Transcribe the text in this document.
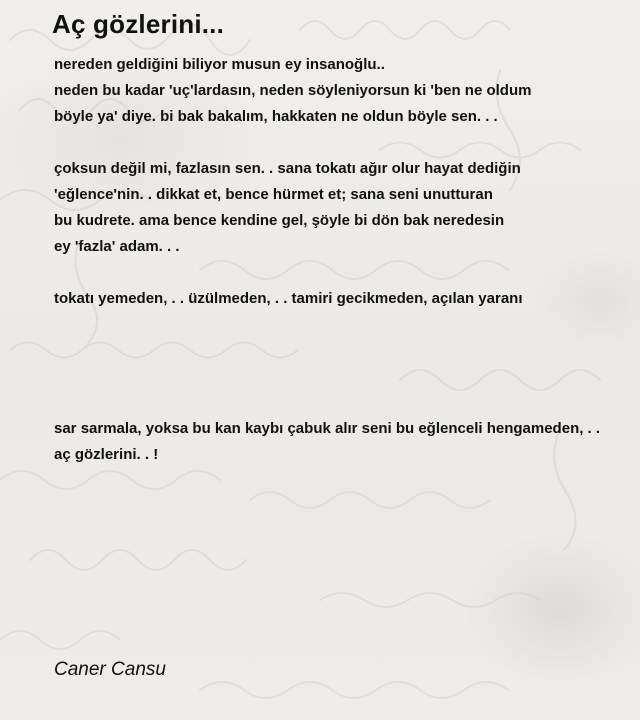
Aç gözlerini...
nereden geldiğini biliyor musun ey insanoğlu..
neden bu kadar 'uç'lardasın, neden söyleniyorsun ki 'ben ne oldum
böyle ya' diye. bi bak bakalım, hakkaten ne oldun böyle sen. . .
çoksun değil mi, fazlasın sen. . sana tokatı ağır olur hayat dediğin
'eğlence'nin. . dikkat et, bence hürmet et; sana seni unutturan
bu kudrete. ama bence kendine gel, şöyle bi dön bak neredesin
ey 'fazla' adam. . .
tokatı yemeden, . . üzülmeden, . . tamiri gecikmeden, açılan yaranı
sar sarmala, yoksa bu kan kaybı çabuk alır seni bu eğlenceli hengameden, . .
aç gözlerini. . !
Caner Cansu
